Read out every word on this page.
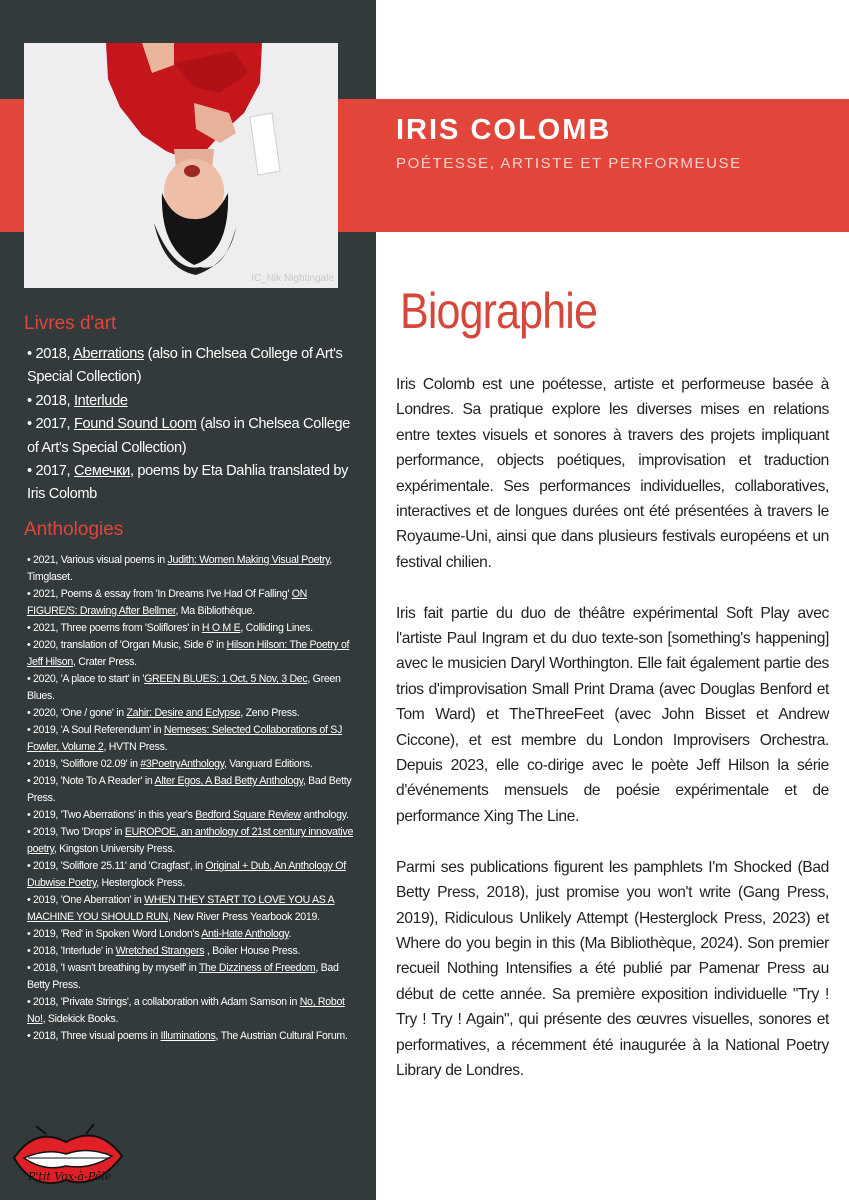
IC_Nik Nightingale
IRIS COLOMB
POÉTESSE, ARTISTE ET PERFORMEUSE
Livres d'art
• 2018, Aberrations (also in Chelsea College of Art's Special Collection)
• 2018, Interlude
• 2017, Found Sound Loom (also in Chelsea College of Art's Special Collection)
• 2017, Семечки, poems by Eta Dahlia translated by Iris Colomb
Anthologies
• 2021, Various visual poems in Judith: Women Making Visual Poetry, Timglaset.
• 2021, Poems & essay from 'In Dreams I've Had Of Falling' ON FIGURE/S: Drawing After Bellmer, Ma Bibliothèque.
• 2021, Three poems from 'Soliflores' in H O M E, Colliding Lines.
• 2020, translation of 'Organ Music, Side 6' in Hilson Hilson: The Poetry of Jeff Hilson, Crater Press.
• 2020, 'A place to start' in 'GREEN BLUES: 1 Oct, 5 Nov, 3 Dec, Green Blues.
• 2020, 'One / gone' in Zahir: Desire and Eclypse, Zeno Press.
• 2019, 'A Soul Referendum' in Nemeses: Selected Collaborations of SJ Fowler, Volume 2, HVTN Press.
• 2019, 'Soliflore 02.09' in #3PoetryAnthology, Vanguard Editions.
• 2019, 'Note To A Reader' in Alter Egos, A Bad Betty Anthology, Bad Betty Press.
• 2019, 'Two Aberrations' in this year's Bedford Square Review anthology.
• 2019, Two 'Drops' in EUROPOE, an anthology of 21st century innovative poetry, Kingston University Press.
• 2019, 'Soliflore 25.11' and 'Cragfast', in Original + Dub, An Anthology Of Dubwise Poetry, Hesterglock Press.
• 2019, 'One Aberration' in WHEN THEY START TO LOVE YOU AS A MACHINE YOU SHOULD RUN, New River Press Yearbook 2019.
• 2019, 'Red' in Spoken Word London's Anti-Hate Anthology.
• 2018, 'Interlude' in Wretched Strangers , Boiler House Press.
• 2018, 'I wasn't breathing by myself' in The Dizziness of Freedom, Bad Betty Press.
• 2018, 'Private Strings', a collaboration with Adam Samson in No, Robot No!, Sidekick Books.
• 2018, Three visual poems in Illuminations, The Austrian Cultural Forum.
Biographie

Iris Colomb est une poétesse, artiste et performeuse basée à Londres. Sa pratique explore les diverses mises en relations entre textes visuels et sonores à travers des projets impliquant performance, objects poétiques, improvisation et traduction expérimentale. Ses performances individuelles, collaboratives, interactives et de longues durées ont été présentées à travers le Royaume-Uni, ainsi que dans plusieurs festivals européens et un festival chilien.

Iris fait partie du duo de théâtre expérimental Soft Play avec l'artiste Paul Ingram et du duo texte-son [something's happening] avec le musicien Daryl Worthington. Elle fait également partie des trios d'improvisation Small Print Drama (avec Douglas Benford et Tom Ward) et TheThreeFeet (avec John Bisset et Andrew Ciccone), et est membre du London Improvisers Orchestra. Depuis 2023, elle co-dirige avec le poète Jeff Hilson la série d'événements mensuels de poésie expérimentale et de performance Xing The Line.

Parmi ses publications figurent les pamphlets I'm Shocked (Bad Betty Press, 2018), just promise you won't write (Gang Press, 2019), Ridiculous Unlikely Attempt (Hesterglock Press, 2023) et Where do you begin in this (Ma Bibliothèque, 2024). Son premier recueil Nothing Intensifies a été publié par Pamenar Press au début de cette année. Sa première exposition individuelle "Try ! Try ! Try ! Again", qui présente des œuvres visuelles, sonores et performatives, a récemment été inaugurée à la National Poetry Library de Londres.

P'tit Vox-à-Pôle
